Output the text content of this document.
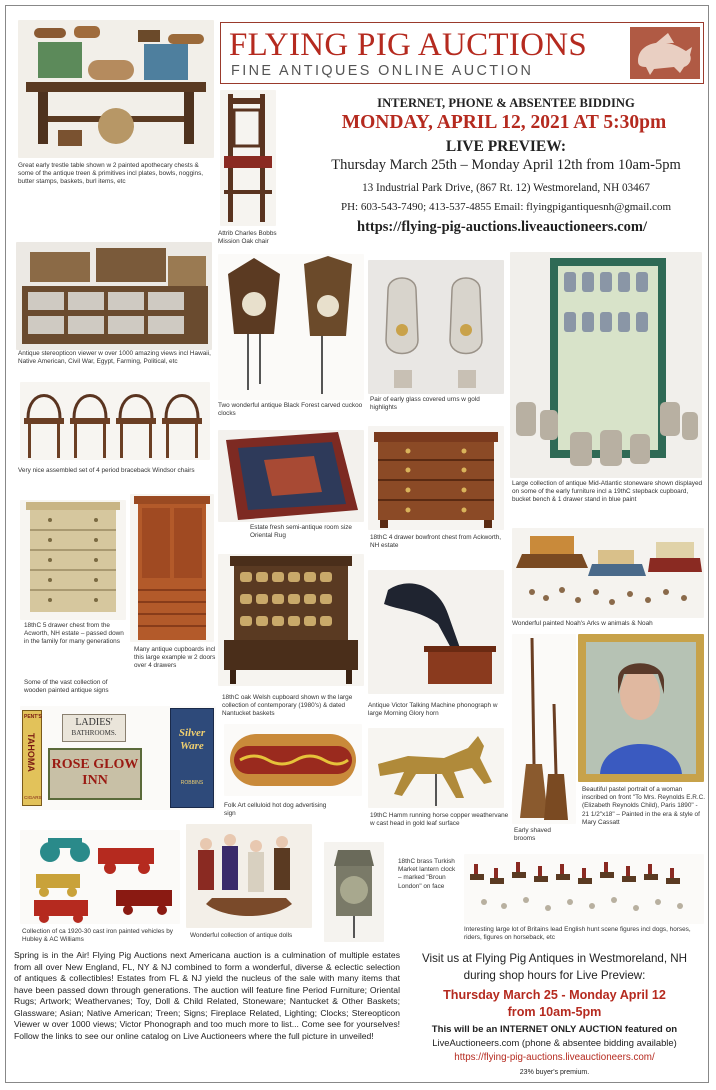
FLYING PIG AUCTIONS
FINE ANTIQUES ONLINE AUCTION
Attrib Charles Bobbs Mission Oak chair
INTERNET, PHONE & ABSENTEE BIDDING
MONDAY, APRIL 12, 2021 AT 5:30pm
LIVE PREVIEW:
Thursday March 25th – Monday April 12th from 10am-5pm
13 Industrial Park Drive, (867 Rt. 12) Westmoreland, NH 03467
PH: 603-543-7490; 413-537-4855 Email: flyingpigantiquesnh@gmail.com
https://flying-pig-auctions.liveauctioneers.com/
Great early trestle table shown w 2 painted apothecary chests & some of the antique treen & primitives incl plates, bowls, noggins, butter stamps, baskets, burl items, etc
Antique stereopticon viewer w over 1000 amazing views incl Hawaii, Native American, Civil War, Egypt, Farming, Political, etc
Two wonderful antique Black Forest carved cuckoo clocks
Pair of early glass covered urns w gold highlights
Large collection of antique Mid-Atlantic stoneware shown displayed on some of the early furniture incl a 19thC stepback cupboard, bucket bench & 1 drawer stand in blue paint
Very nice assembled set of 4 period braceback Windsor chairs
Estate fresh semi-antique room size Oriental Rug	18thC 4 drawer bowfront chest from Ackworth, NH estate
18thC 5 drawer chest from the Acworth, NH estate – passed down in the family for many generations
Some of the vast collection of wooden painted antique signs
Many antique cupboards incl this large example w 2 doors over 4 drawers
18thC oak Welsh cupboard shown w the large collection of contemporary (1980's) & dated Nantucket baskets
Antique Victor Talking Machine phonograph w large Morning Glory horn
Wonderful painted Noah's Arks w animals & Noah
PENT'S
TAHOMA
CIGARS
LADIES'
BATHROOMS.
ROSE GLOW
INN
Silver
Ware
ROBBINS
Folk Art celluloid hot dog advertising sign	19thC Hamm running horse copper weathervane w cast head in gold leaf surface
Early shaved brooms
Beautiful pastel portrait of a woman inscribed on front "To Mrs. Reynolds E.R.C. (Elizabeth Reynolds Child), Paris 1890" - 21 1/2"x18" – Painted in the era & style of Mary Cassatt
Collection of ca 1920-30 cast iron painted vehicles by Hubley & AC Williams
Wonderful collection of antique dolls
18thC brass Turkish Market lantern clock – marked "Broun London" on face
Interesting large lot of Britains lead English hunt scene figures incl dogs, horses, riders, figures on horseback, etc
Spring is in the Air! Flying Pig Auctions next Americana auction is a culmination of multiple estates from all over New England, FL, NY & NJ combined to form a wonderful, diverse & eclectic selection of antiques & collectibles! Estates from FL & NJ yield the nucleus of the sale with many items that have been passed down through generations. The auction will feature fine Period Furniture; Oriental Rugs; Artwork; Weathervanes; Toy, Doll & Child Related, Stoneware; Nantucket & Other Baskets; Glassware; Asian; Native American; Treen; Signs; Fireplace Related, Lighting; Clocks; Stereopticon Viewer w over 1000 views; Victor Phonograph and too much more to list... Come see for yourselves! Follow the links to see our online catalog on Live Auctioneers where the full picture in unveiled!
Visit us at Flying Pig Antiques in Westmoreland, NH
during shop hours for Live Preview:
Thursday March 25 - Monday April 12
from 10am-5pm
This will be an INTERNET ONLY AUCTION featured on
LiveAuctioneers.com (phone & absentee bidding available)
https://flying-pig-auctions.liveauctioneers.com/
23% buyer's premium.
